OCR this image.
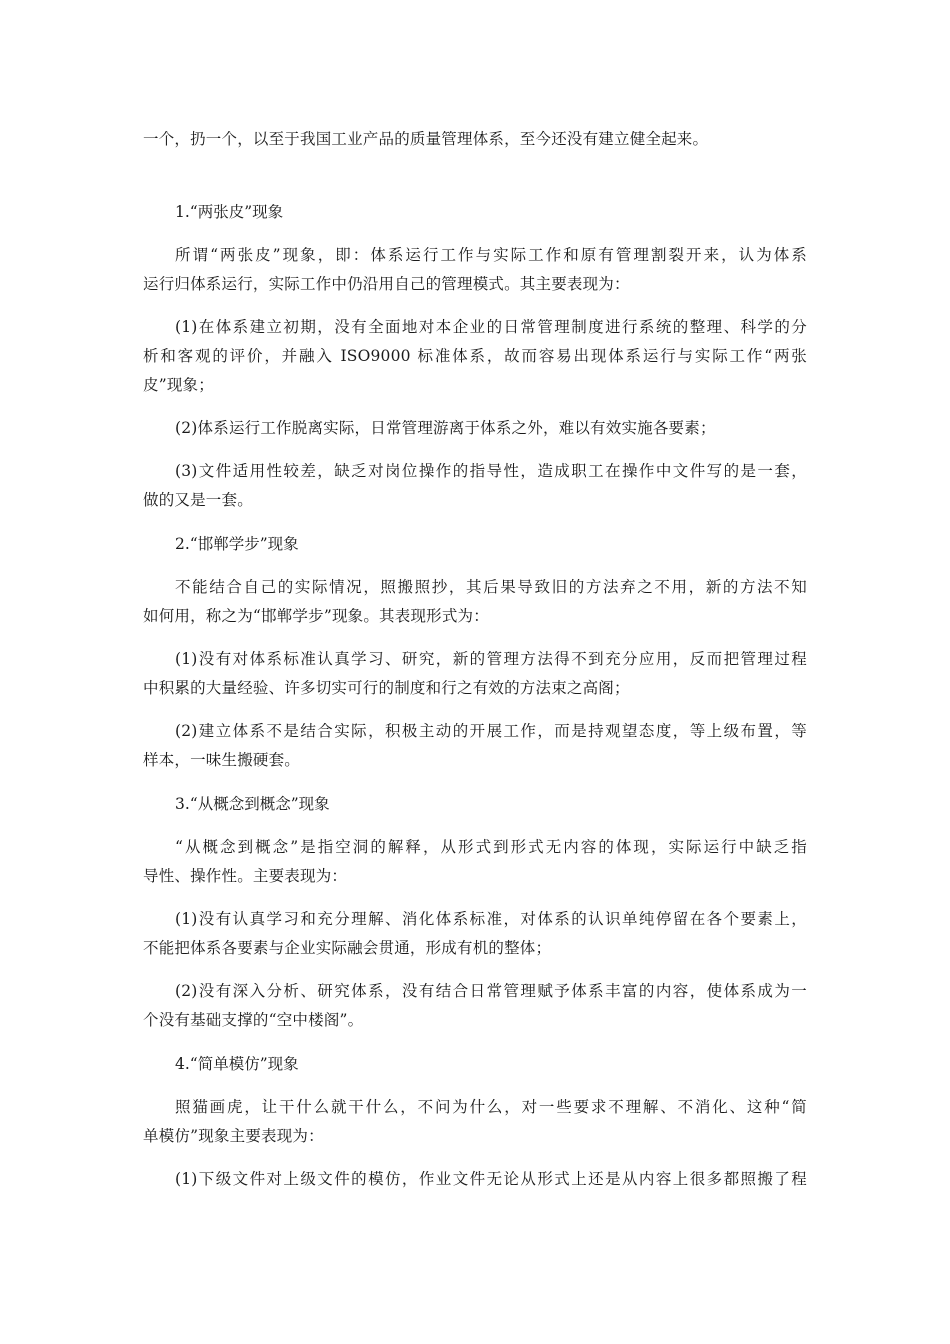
一个，扔一个，以至于我国工业产品的质量管理体系，至今还没有建立健全起来。
1.“两张皮”现象
所谓“两张皮”现象，即：体系运行工作与实际工作和原有管理割裂开来，认为体系
运行归体系运行，实际工作中仍沿用自己的管理模式。其主要表现为：
(1)在体系建立初期，没有全面地对本企业的日常管理制度进行系统的整理、科学的分
析和客观的评价，并融入 ISO9000 标准体系，故而容易出现体系运行与实际工作“两张
皮”现象；
(2)体系运行工作脱离实际，日常管理游离于体系之外，难以有效实施各要素；
(3)文件适用性较差，缺乏对岗位操作的指导性，造成职工在操作中文件写的是一套，
做的又是一套。
2.“邯郸学步”现象
不能结合自己的实际情况，照搬照抄，其后果导致旧的方法弃之不用，新的方法不知
如何用，称之为“邯郸学步”现象。其表现形式为：
(1)没有对体系标准认真学习、研究，新的管理方法得不到充分应用，反而把管理过程
中积累的大量经验、许多切实可行的制度和行之有效的方法束之高阁；
(2)建立体系不是结合实际，积极主动的开展工作，而是持观望态度，等上级布置，等
样本，一味生搬硬套。
3.“从概念到概念”现象
“从概念到概念”是指空洞的解释，从形式到形式无内容的体现，实际运行中缺乏指
导性、操作性。主要表现为：
(1)没有认真学习和充分理解、消化体系标准，对体系的认识单纯停留在各个要素上，
不能把体系各要素与企业实际融会贯通，形成有机的整体；
(2)没有深入分析、研究体系，没有结合日常管理赋予体系丰富的内容，使体系成为一
个没有基础支撑的“空中楼阁”。
4.“简单模仿”现象
照猫画虎，让干什么就干什么，不问为什么，对一些要求不理解、不消化、这种“简
单模仿”现象主要表现为：
(1)下级文件对上级文件的模仿，作业文件无论从形式上还是从内容上很多都照搬了程
